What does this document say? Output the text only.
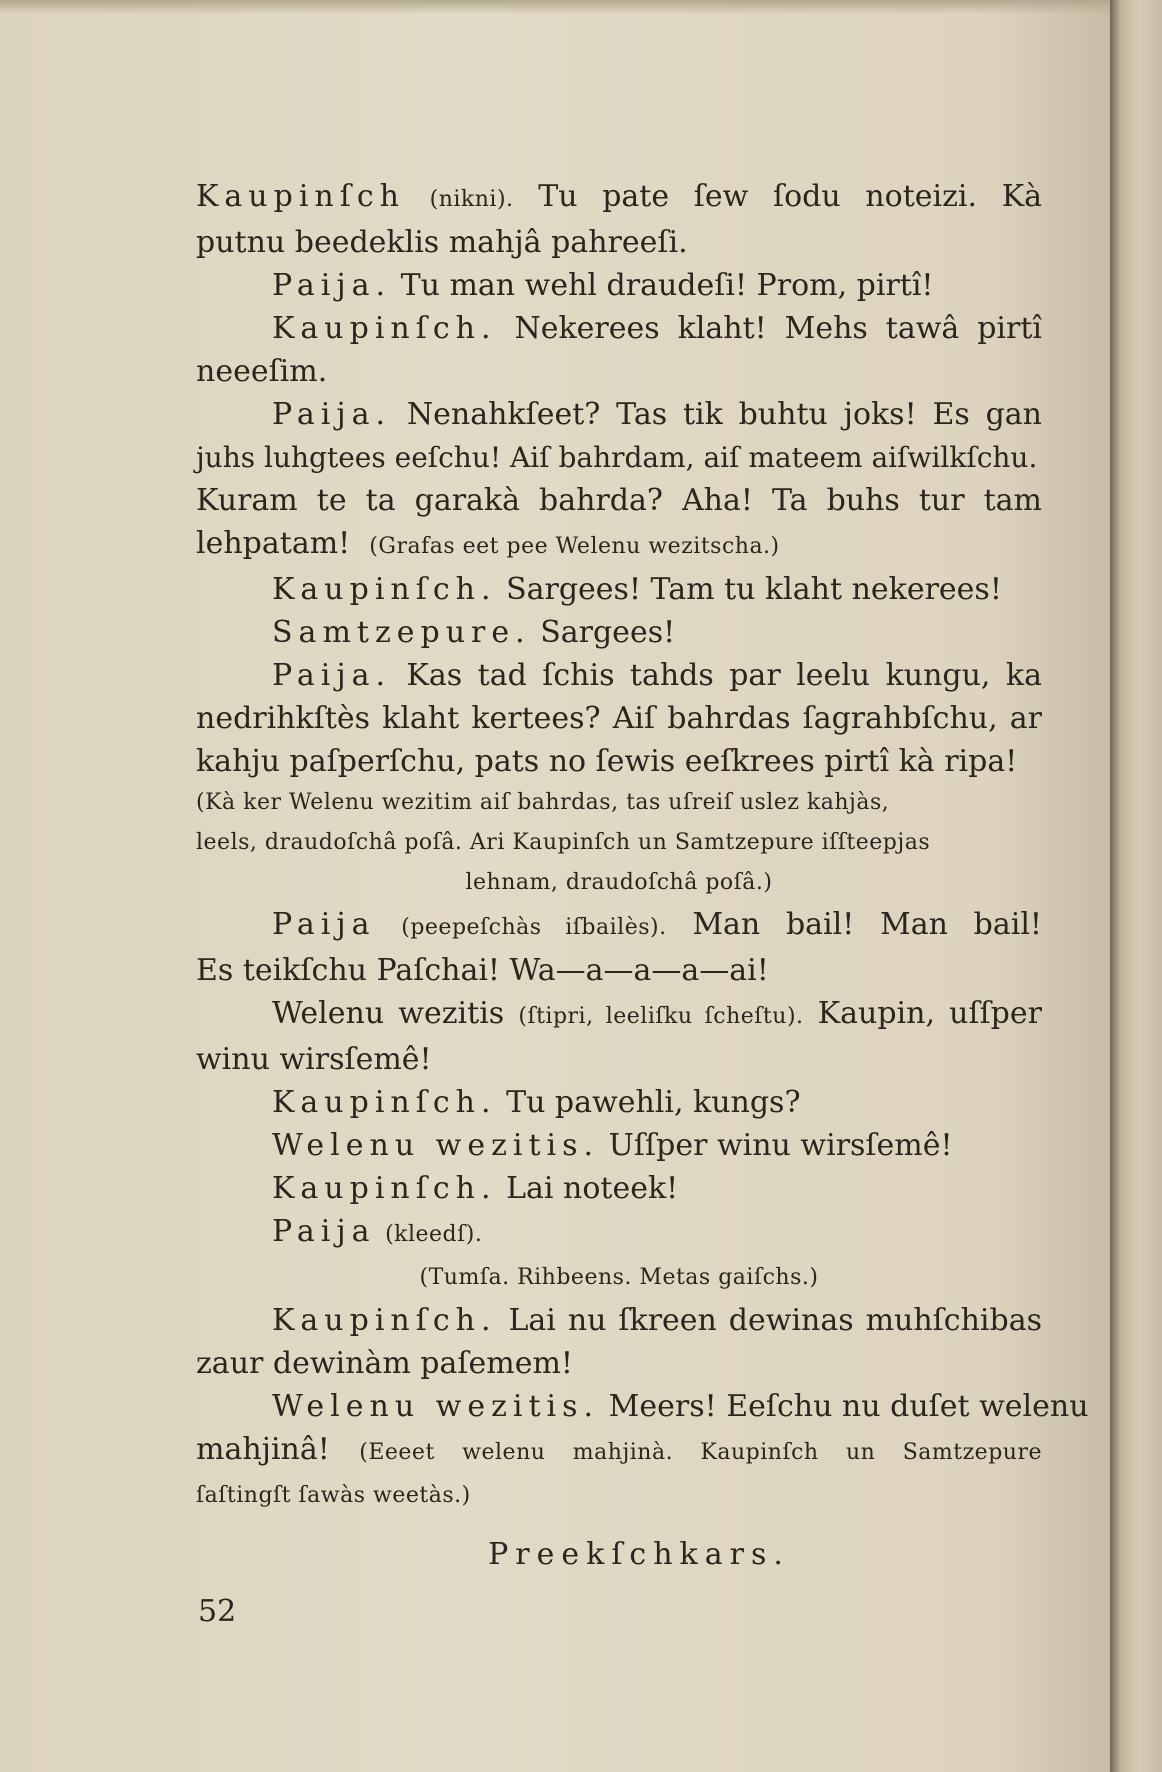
Kaupinſch (nikni). Tu pate ſew ſodu noteizi. Kà
putnu beedeklis mahjâ pahreeſi.
Paija. Tu man wehl draudeſi! Prom, pirtî!
Kaupinſch. Nekerees klaht! Mehs tawâ pirtî
neeeſim.
Paija. Nenahkſeet? Tas tik buhtu joks! Es gan
juhs luhgtees eeſchu! Aiſ bahrdam, aiſ mateem aiſwilkſchu.
Kuram te ta garakà bahrda? Aha! Ta buhs tur tam
lehpatam! (Grafas eet pee Welenu wezitscha.)
Kaupinſch. Sargees! Tam tu klaht nekerees!
Samtzepure. Sargees!
Paija. Kas tad ſchis tahds par leelu kungu, ka
nedrihkſtès klaht kertees? Aiſ bahrdas ſagrahbſchu, ar
kahju paſperſchu, pats no ſewis eeſkrees pirtî kà ripa!
(Kà ker Welenu wezitim aiſ bahrdas, tas uſreiſ uslez kahjàs,
leels, draudoſchâ poſâ. Ari Kaupinſch un Samtzepure iſſteepjas
lehnam, draudoſchâ poſâ.)
Paija (peepeſchàs iſbailès). Man bail! Man bail!
Es teikſchu Paſchai! Wa—a—a—a—ai!
Welenu wezitis (ſtipri, leeliſku ſcheſtu). Kaupin, uſſper
winu wirsſemê!
Kaupinſch. Tu pawehli, kungs?
Welenu wezitis. Uſſper winu wirsſemê!
Kaupinſch. Lai noteek!
Paija (kleedſ).
(Tumſa. Rihbeens. Metas gaiſchs.)
Kaupinſch. Lai nu ſkreen dewinas muhſchibas
zaur dewinàm paſemem!
Welenu wezitis. Meers! Eeſchu nu duſet welenu
mahjinâ! (Eeeet welenu mahjinà. Kaupinſch un Samtzepure
ſaſtingſt ſawàs weetàs.)
Preekſchkars.
52
